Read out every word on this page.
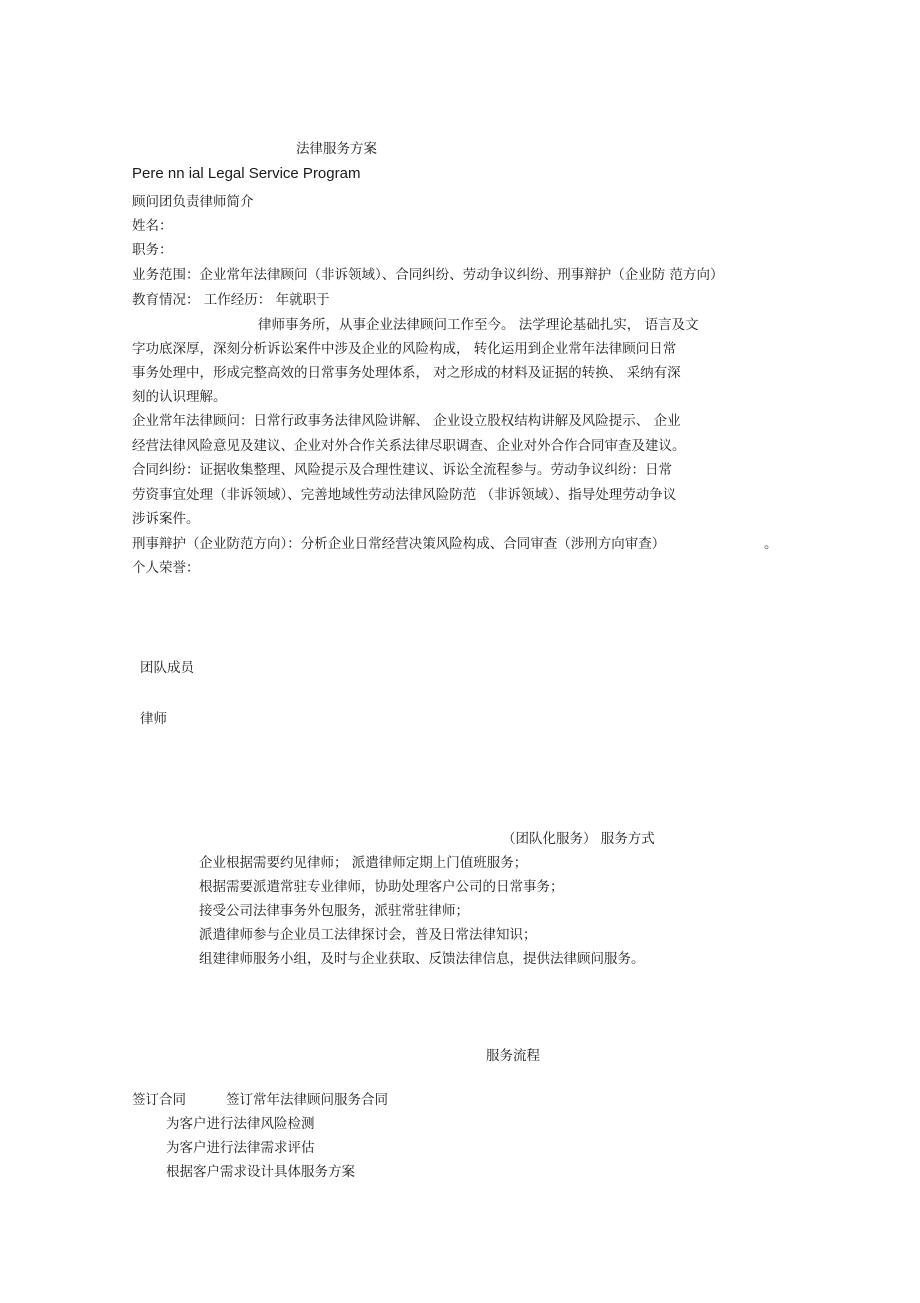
法律服务方案
Pere nn ial Legal Service Program
顾问团负责律师简介
姓名：
职务：
业务范围：企业常年法律顾问（非诉领域）、合同纠纷、劳动争议纠纷、刑事辩护（企业防 范方向）
教育情况： 工作经历： 年就职于
律师事务所，从事企业法律顾问工作至今。 法学理论基础扎实， 语言及文
字功底深厚，深刻分析诉讼案件中涉及企业的风险构成， 转化运用到企业常年法律顾问日常
事务处理中，形成完整高效的日常事务处理体系， 对之形成的材料及证据的转换、 采纳有深
刻的认识理解。
企业常年法律顾问：日常行政事务法律风险讲解、 企业设立股权结构讲解及风险提示、 企业
经营法律风险意见及建议、企业对外合作关系法律尽职调查、企业对外合作合同审查及建议。
合同纠纷：证据收集整理、风险提示及合理性建议、诉讼全流程参与。劳动争议纠纷：日常
劳资事宜处理（非诉领域）、完善地域性劳动法律风险防范 （非诉领域）、指导处理劳动争议
涉诉案件。
刑事辩护（企业防范方向）：分析企业日常经营决策风险构成、合同审查（涉刑方向审查）	。
个人荣誉：
团队成员
律师
（团队化服务） 服务方式
企业根据需要约见律师； 派遣律师定期上门值班服务；
根据需要派遣常驻专业律师，协助处理客户公司的日常事务；
接受公司法律事务外包服务，派驻常驻律师；
派遣律师参与企业员工法律探讨会，普及日常法律知识；
组建律师服务小组，及时与企业获取、反馈法律信息，提供法律顾问服务。
服务流程
签订合同	签订常年法律顾问服务合同
为客户进行法律风险检测
为客户进行法律需求评估
根据客户需求设计具体服务方案
